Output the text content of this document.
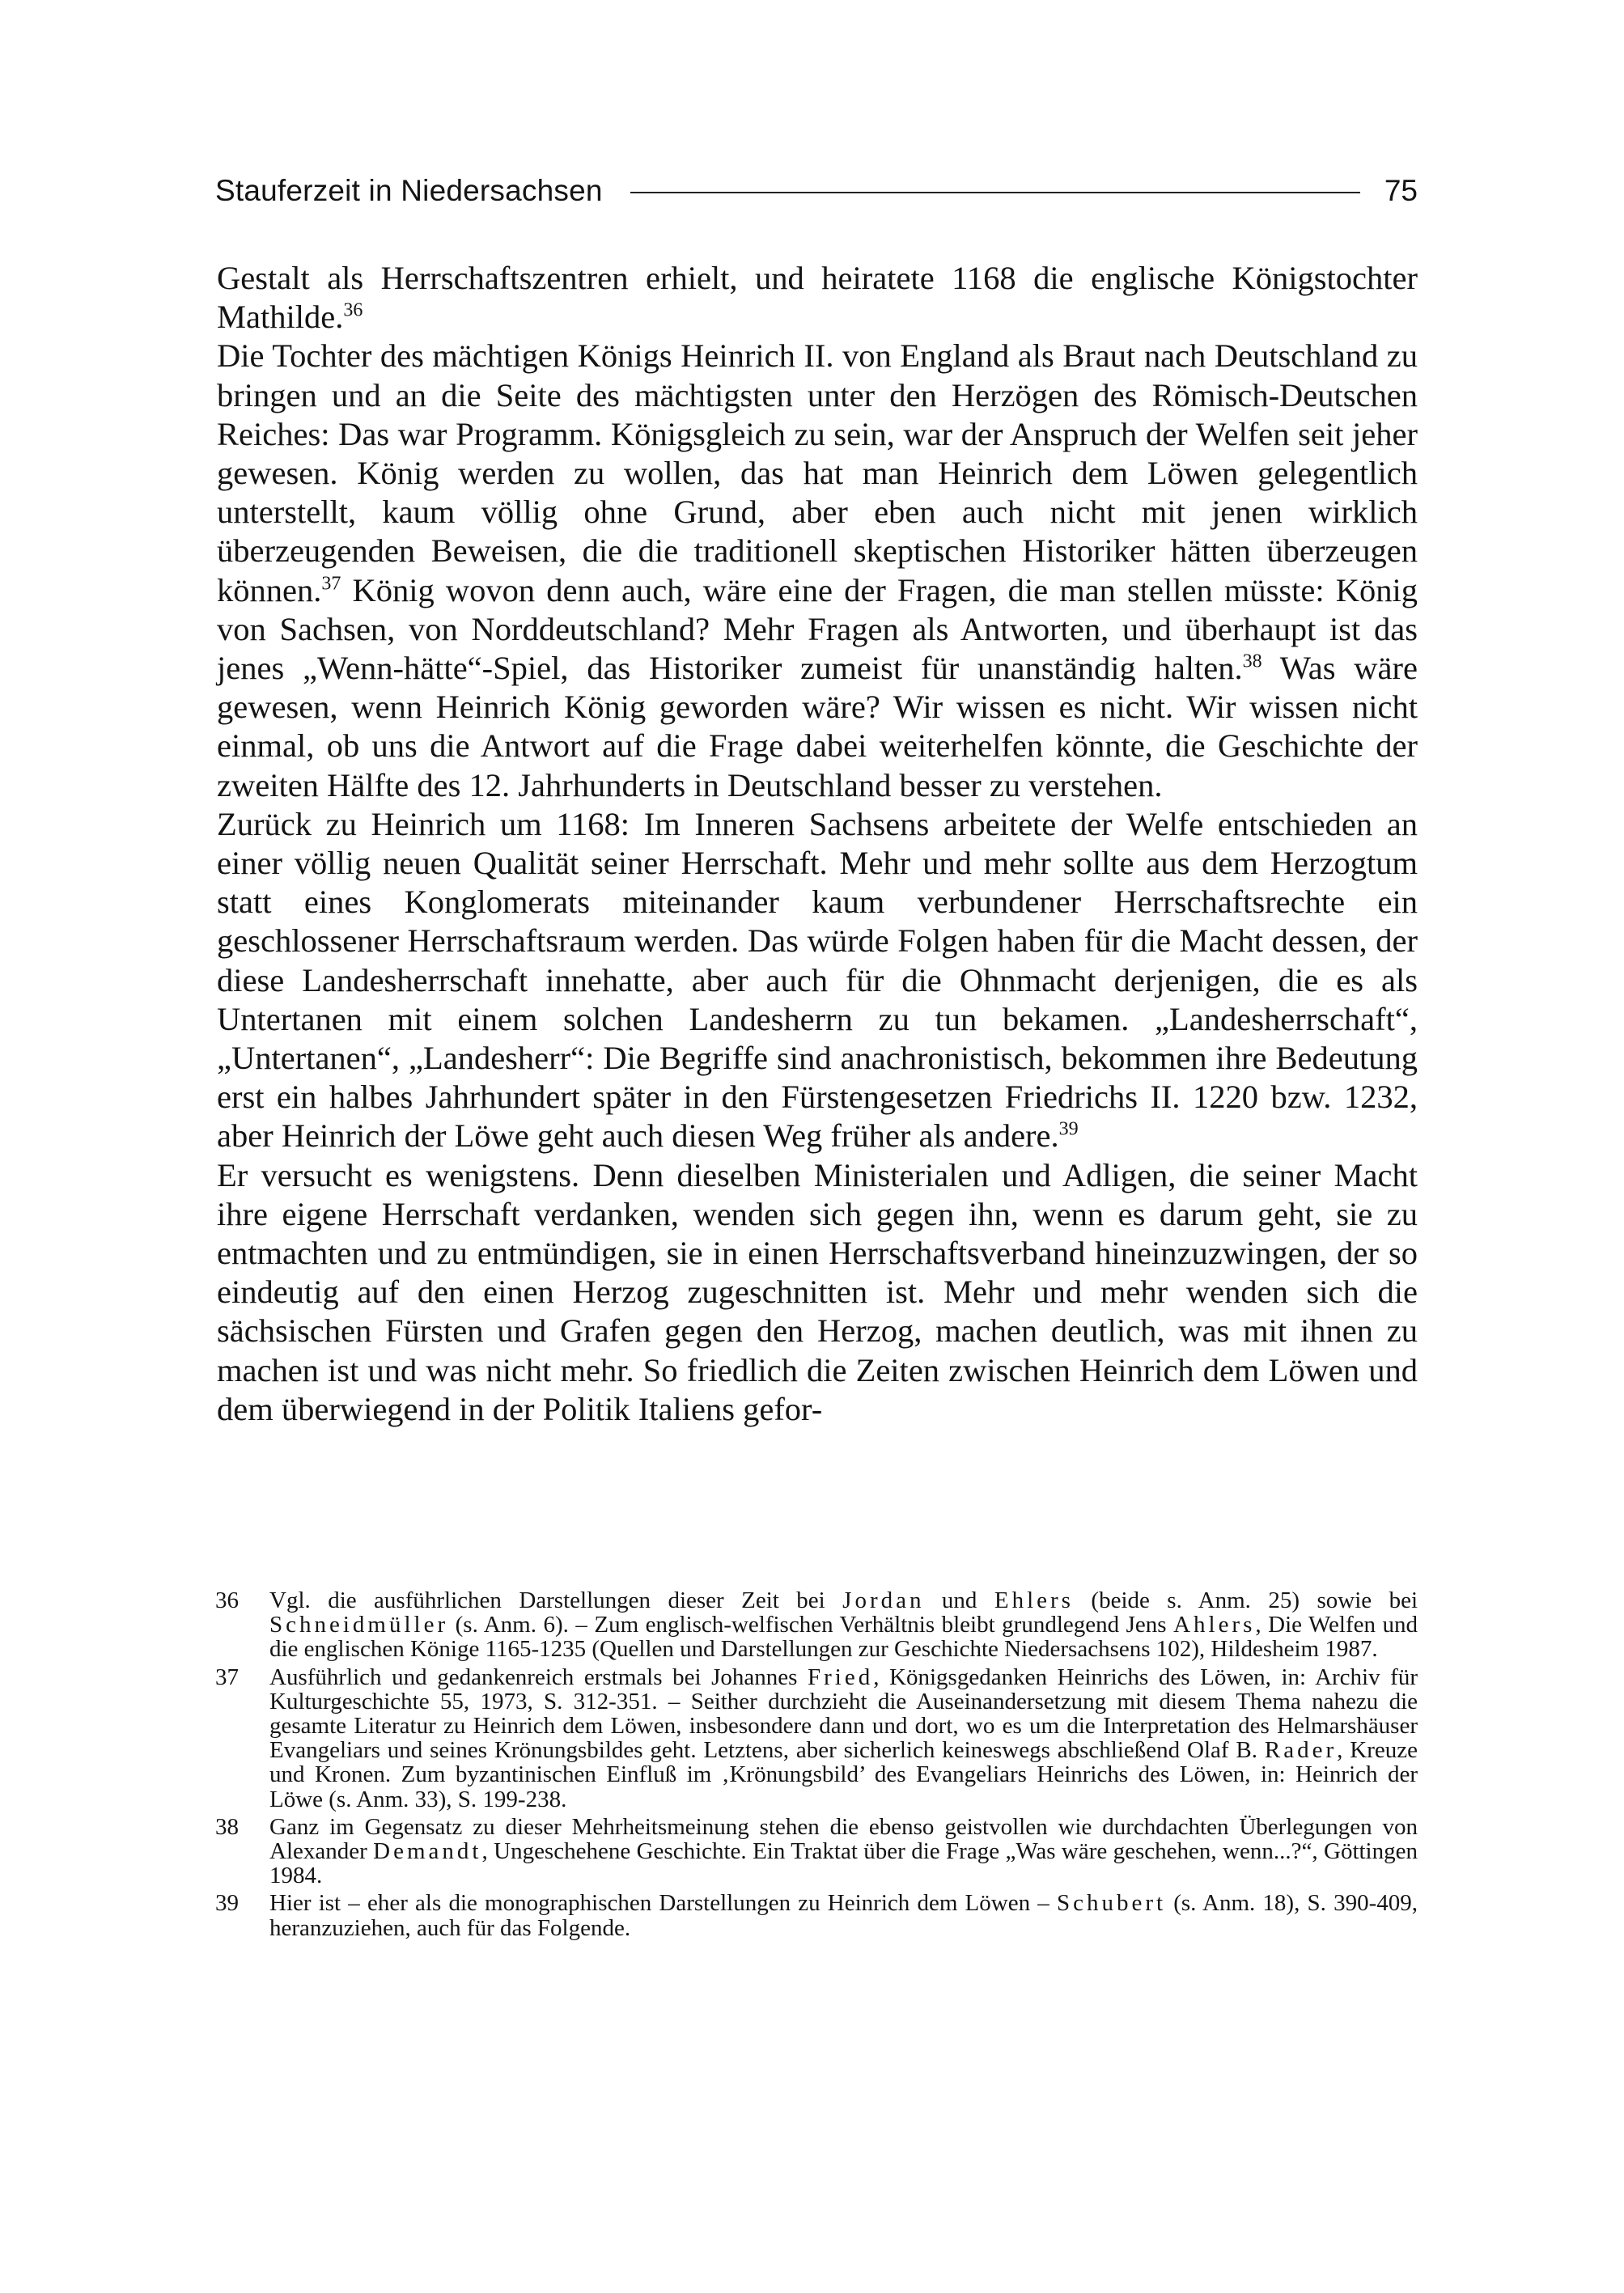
Stauferzeit in Niedersachsen	75

Gestalt als Herrschaftszentren erhielt, und heiratete 1168 die englische Königstochter Mathilde.$^{36}$

Die Tochter des mächtigen Königs Heinrich II. von England als Braut nach Deutschland zu bringen und an die Seite des mächtigsten unter den Herzögen des Römisch-Deutschen Reiches: Das war Programm. Königsgleich zu sein, war der Anspruch der Welfen seit jeher gewesen. König werden zu wollen, das hat man Heinrich dem Löwen gelegentlich unterstellt, kaum völlig ohne Grund, aber eben auch nicht mit jenen wirklich überzeugenden Beweisen, die die traditionell skeptischen Historiker hätten überzeugen können.$^{37}$ König wovon denn auch, wäre eine der Fragen, die man stellen müsste: König von Sachsen, von Norddeutschland? Mehr Fragen als Antworten, und überhaupt ist das jenes „Wenn-hätte“-Spiel, das Historiker zumeist für unanständig halten.$^{38}$ Was wäre gewesen, wenn Heinrich König geworden wäre? Wir wissen es nicht. Wir wissen nicht einmal, ob uns die Antwort auf die Frage dabei weiterhelfen könnte, die Geschichte der zweiten Hälfte des 12. Jahrhunderts in Deutschland besser zu verstehen.

Zurück zu Heinrich um 1168: Im Inneren Sachsens arbeitete der Welfe entschieden an einer völlig neuen Qualität seiner Herrschaft. Mehr und mehr sollte aus dem Herzogtum statt eines Konglomerats miteinander kaum verbundener Herrschaftsrechte ein geschlossener Herrschaftsraum werden. Das würde Folgen haben für die Macht dessen, der diese Landesherrschaft innehatte, aber auch für die Ohnmacht derjenigen, die es als Untertanen mit einem solchen Landesherrn zu tun bekamen. „Landesherrschaft“, „Untertanen“, „Landesherr“: Die Begriffe sind anachronistisch, bekommen ihre Bedeutung erst ein halbes Jahrhundert später in den Fürstengesetzen Friedrichs II. 1220 bzw. 1232, aber Heinrich der Löwe geht auch diesen Weg früher als andere.$^{39}$

Er versucht es wenigstens. Denn dieselben Ministerialen und Adligen, die seiner Macht ihre eigene Herrschaft verdanken, wenden sich gegen ihn, wenn es darum geht, sie zu entmachten und zu entmündigen, sie in einen Herrschaftsverband hineinzuzwingen, der so eindeutig auf den einen Herzog zugeschnitten ist. Mehr und mehr wenden sich die sächsischen Fürsten und Grafen gegen den Herzog, machen deutlich, was mit ihnen zu machen ist und was nicht mehr. So friedlich die Zeiten zwischen Heinrich dem Löwen und dem überwiegend in der Politik Italiens gefor-

36	Vgl. die ausführlichen Darstellungen dieser Zeit bei Jordan und Ehlers (beide s. Anm. 25) sowie bei Schneidmüller (s. Anm. 6). – Zum englisch-welfischen Verhältnis bleibt grundlegend Jens Ahlers, Die Welfen und die englischen Könige 1165-1235 (Quellen und Darstellungen zur Geschichte Niedersachsens 102), Hildesheim 1987.
37	Ausführlich und gedankenreich erstmals bei Johannes Fried, Königsgedanken Heinrichs des Löwen, in: Archiv für Kulturgeschichte 55, 1973, S. 312-351. – Seither durchzieht die Auseinandersetzung mit diesem Thema nahezu die gesamte Literatur zu Heinrich dem Löwen, insbesondere dann und dort, wo es um die Interpretation des Helmarshäuser Evangeliars und seines Krönungsbildes geht. Letztens, aber sicherlich keineswegs abschließend Olaf B. Rader, Kreuze und Kronen. Zum byzantinischen Einfluß im ‚Krönungsbild’ des Evangeliars Heinrichs des Löwen, in: Heinrich der Löwe (s. Anm. 33), S. 199-238.
38	Ganz im Gegensatz zu dieser Mehrheitsmeinung stehen die ebenso geistvollen wie durchdachten Überlegungen von Alexander Demandt, Ungeschehene Geschichte. Ein Traktat über die Frage „Was wäre geschehen, wenn...?“, Göttingen 1984.
39	Hier ist – eher als die monographischen Darstellungen zu Heinrich dem Löwen – Schubert (s. Anm. 18), S. 390-409, heranzuziehen, auch für das Folgende.
